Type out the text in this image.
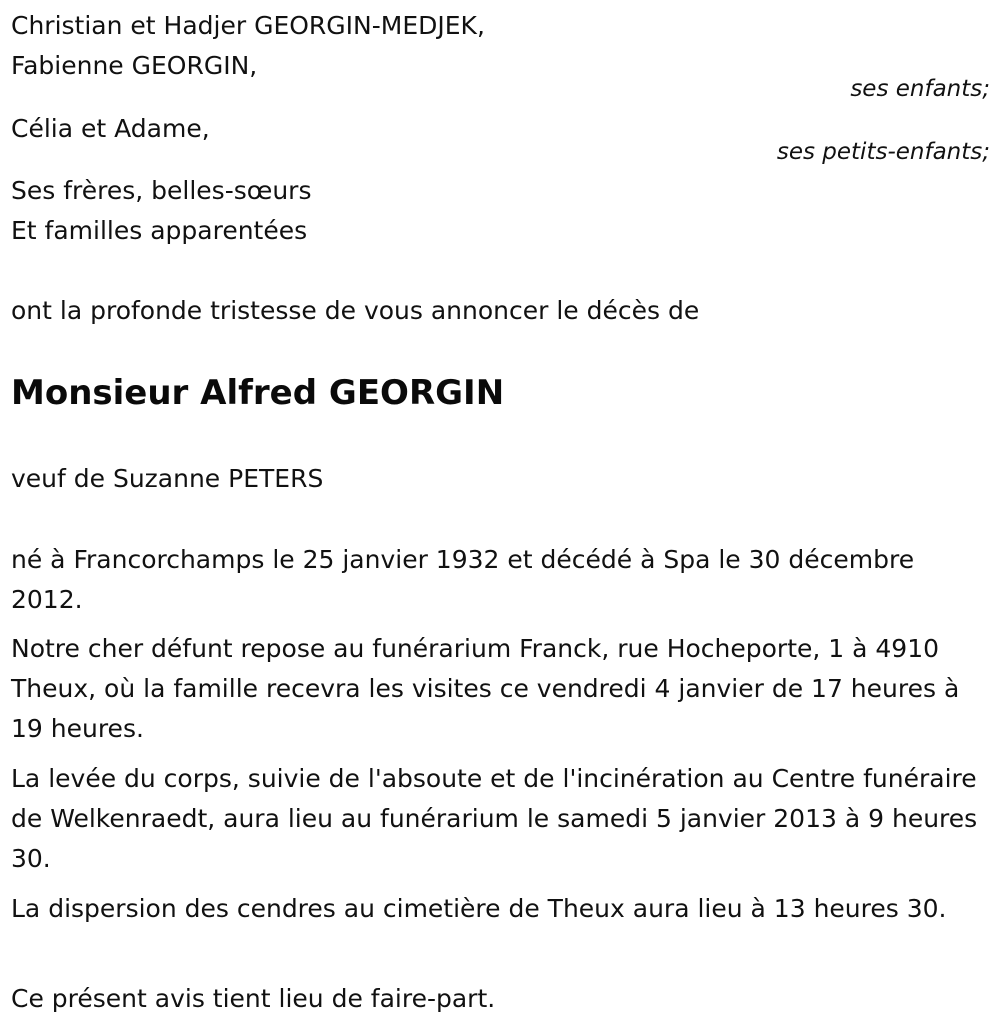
Christian et Hadjer GEORGIN-MEDJEK,
Fabienne GEORGIN,
ses enfants;
Célia et Adame,
ses petits-enfants;
Ses frères, belles-sœurs
Et familles apparentées
ont la profonde tristesse de vous annoncer le décès de
Monsieur Alfred GEORGIN
veuf de Suzanne PETERS
né à Francorchamps le 25 janvier 1932 et décédé à Spa le 30 décembre 2012.
Notre cher défunt repose au funérarium Franck, rue Hocheporte, 1 à 4910 Theux, où la famille recevra les visites ce vendredi 4 janvier de 17 heures à 19 heures.
La levée du corps, suivie de l'absoute et de l'incinération au Centre funéraire de Welkenraedt, aura lieu au funérarium le samedi 5 janvier 2013 à 9 heures 30.
La dispersion des cendres au cimetière de Theux aura lieu à 13 heures 30.
Ce présent avis tient lieu de faire-part.
